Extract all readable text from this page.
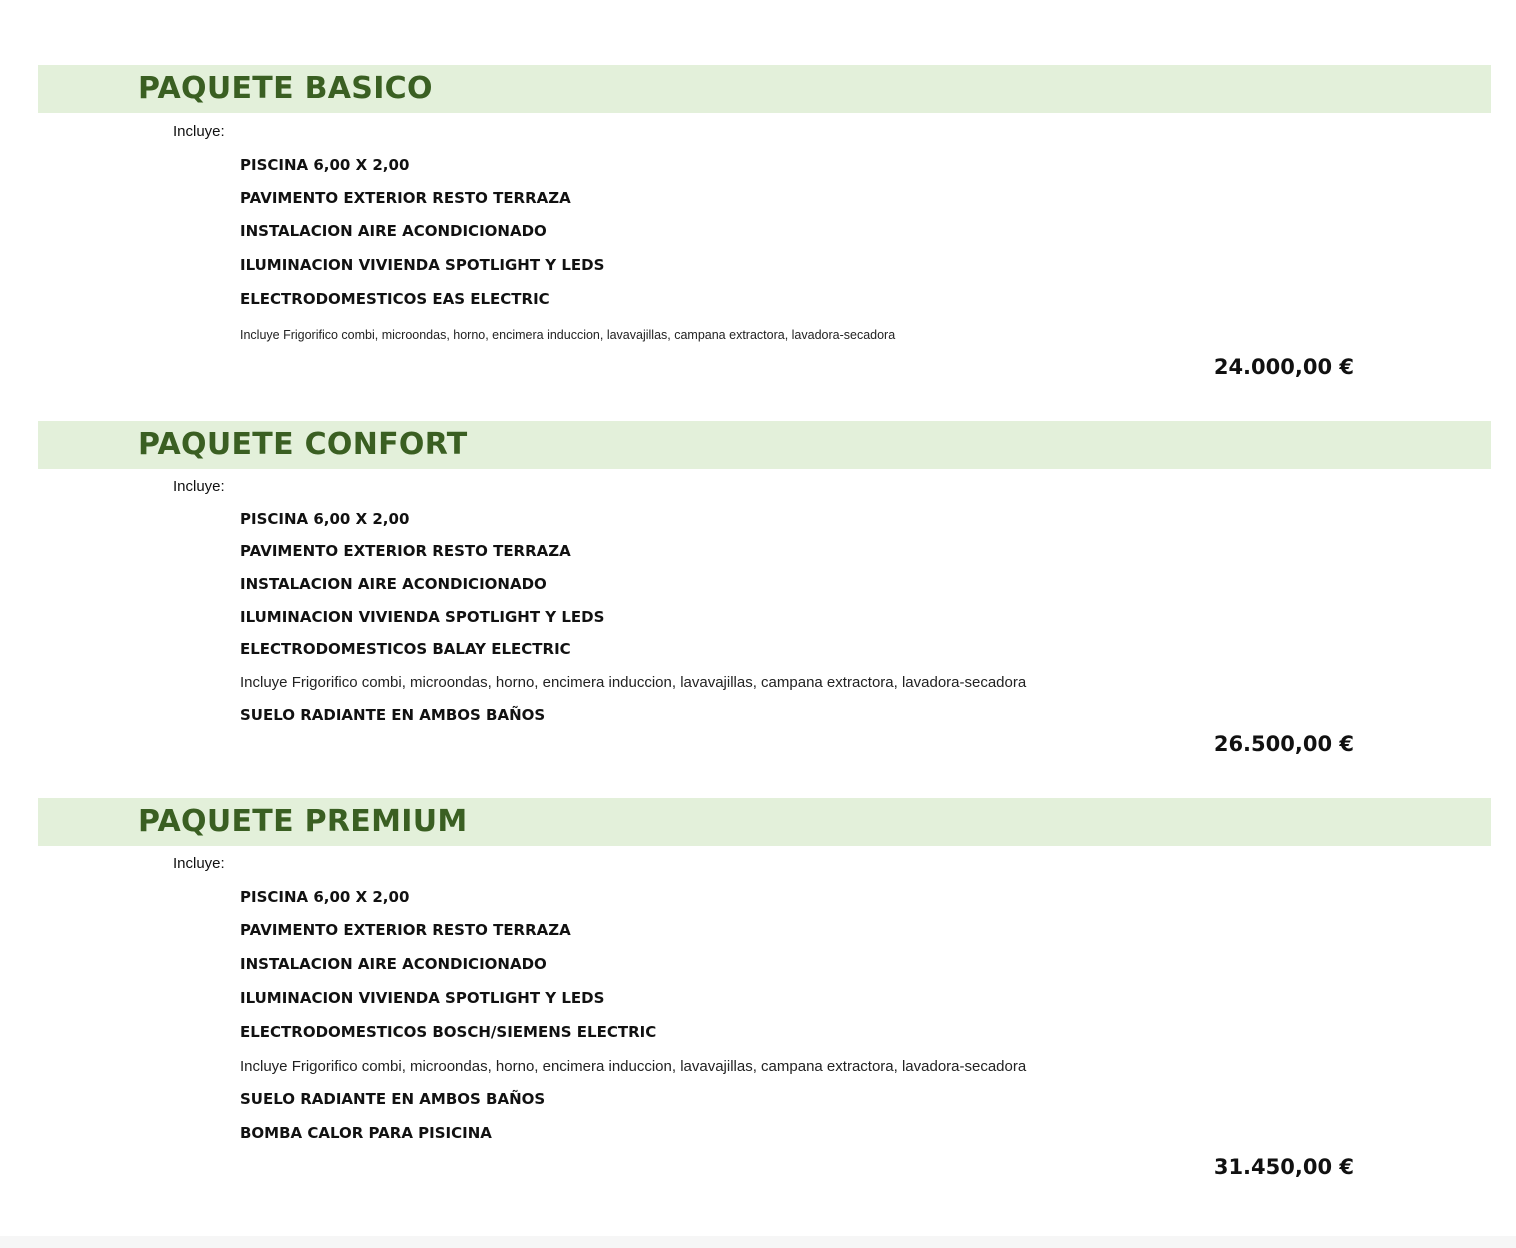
PAQUETE BASICO
Incluye:
PISCINA 6,00 X 2,00
PAVIMENTO EXTERIOR RESTO TERRAZA
INSTALACION AIRE ACONDICIONADO
ILUMINACION VIVIENDA SPOTLIGHT Y LEDS
ELECTRODOMESTICOS EAS ELECTRIC
Incluye Frigorifico combi, microondas, horno, encimera induccion, lavavajillas, campana extractora, lavadora-secadora
24.000,00 €
PAQUETE CONFORT
Incluye:
PISCINA 6,00 X 2,00
PAVIMENTO EXTERIOR RESTO TERRAZA
INSTALACION AIRE ACONDICIONADO
ILUMINACION VIVIENDA SPOTLIGHT Y LEDS
ELECTRODOMESTICOS BALAY ELECTRIC
Incluye Frigorifico combi, microondas, horno, encimera induccion, lavavajillas, campana extractora, lavadora-secadora
SUELO RADIANTE EN AMBOS BAÑOS
26.500,00 €
PAQUETE PREMIUM
Incluye:
PISCINA 6,00 X 2,00
PAVIMENTO EXTERIOR RESTO TERRAZA
INSTALACION AIRE ACONDICIONADO
ILUMINACION VIVIENDA SPOTLIGHT Y LEDS
ELECTRODOMESTICOS BOSCH/SIEMENS ELECTRIC
Incluye Frigorifico combi, microondas, horno, encimera induccion, lavavajillas, campana extractora, lavadora-secadora
SUELO RADIANTE EN AMBOS BAÑOS
BOMBA CALOR PARA PISICINA
31.450,00 €
